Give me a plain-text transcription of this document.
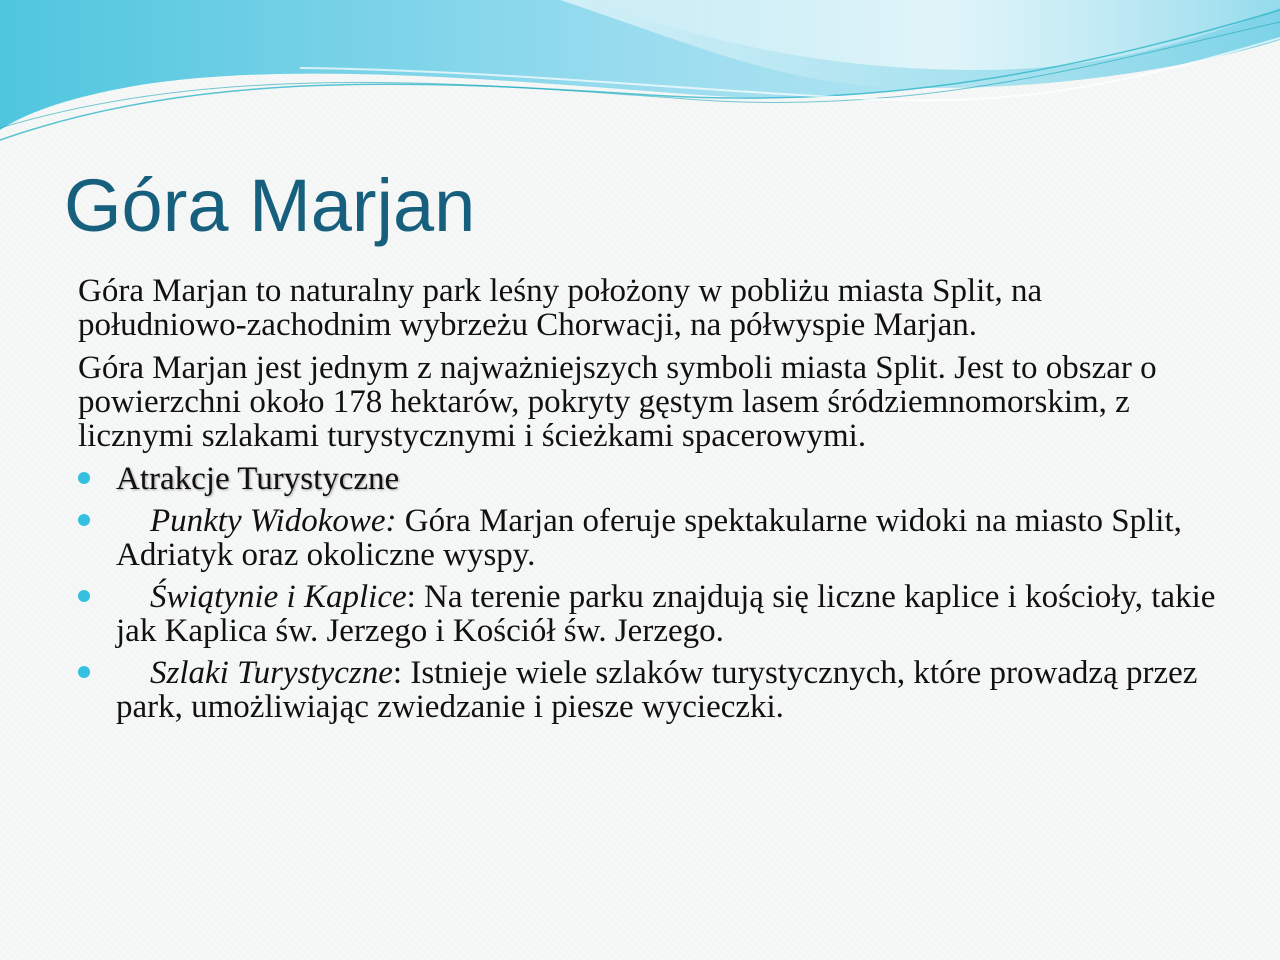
Góra Marjan

Góra Marjan to naturalny park leśny położony w pobliżu miasta Split, na południowo-zachodnim wybrzeżu Chorwacji, na półwyspie Marjan.

Góra Marjan jest jednym z najważniejszych symboli miasta Split. Jest to obszar o powierzchni około 178 hektarów, pokryty gęstym lasem śródziemnomorskim, z licznymi szlakami turystycznymi i ścieżkami spacerowymi.

Atrakcje Turystyczne
Punkty Widokowe: Góra Marjan oferuje spektakularne widoki na miasto Split, Adriatyk oraz okoliczne wyspy.
Świątynie i Kaplice: Na terenie parku znajdują się liczne kaplice i kościoły, takie jak Kaplica św. Jerzego i Kościół św. Jerzego.
Szlaki Turystyczne: Istnieje wiele szlaków turystycznych, które prowadzą przez park, umożliwiając zwiedzanie i piesze wycieczki.
